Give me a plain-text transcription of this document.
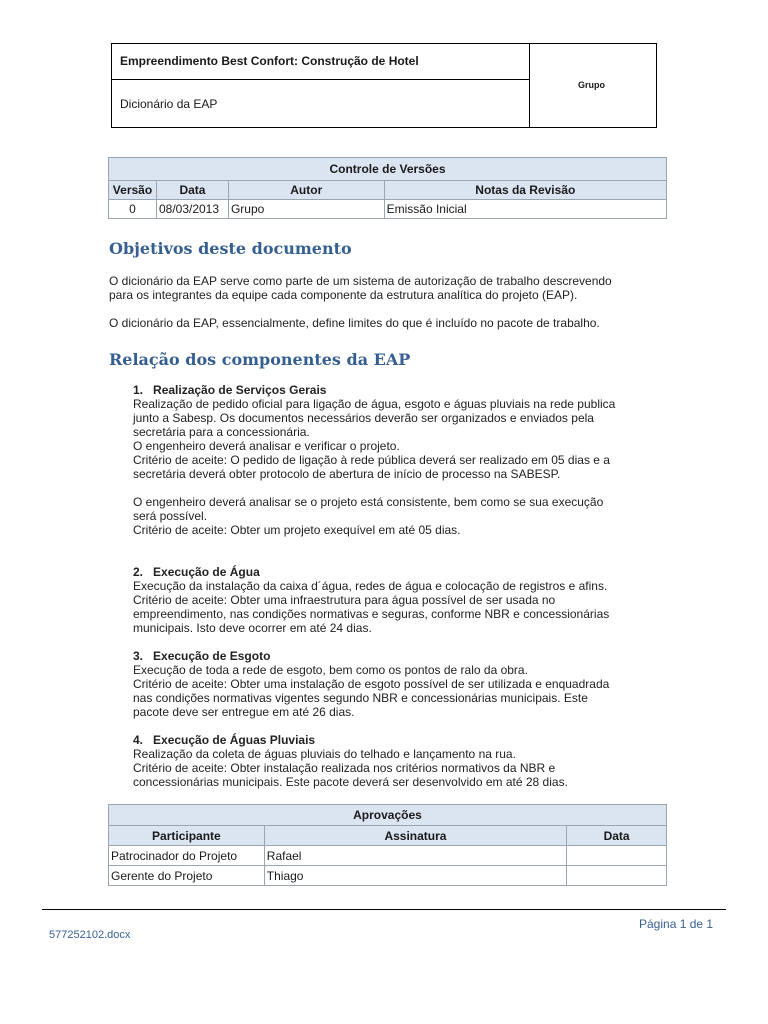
Empreendimento Best Confort: Construção de Hotel
Dicionário da EAP
Grupo
Controle de Versões			
Versão	Data	Autor	Notas da Revisão
0	08/03/2013	Grupo	Emissão Inicial
Objetivos deste documento
O dicionário da EAP serve como parte de um sistema de autorização de trabalho descrevendo
para os integrantes da equipe cada componente da estrutura analítica do projeto (EAP).
O dicionário da EAP, essencialmente, define limites do que é incluído no pacote de trabalho.
Relação dos componentes da EAP
1. Realização de Serviços Gerais
Realização de pedido oficial para ligação de água, esgoto e águas pluviais na rede publica
junto a Sabesp. Os documentos necessários deverão ser organizados e enviados pela
secretária para a concessionária.
O engenheiro deverá analisar e verificar o projeto.
Critério de aceite: O pedido de ligação à rede pública deverá ser realizado em 05 dias e a
secretária deverá obter protocolo de abertura de início de processo na SABESP.
O engenheiro deverá analisar se o projeto está consistente, bem como se sua execução
será possível.
Critério de aceite: Obter um projeto exequível em até 05 dias.
2. Execução de Água
Execução da instalação da caixa d´água, redes de água e colocação de registros e afins.
Critério de aceite: Obter uma infraestrutura para água possível de ser usada no
empreendimento, nas condições normativas e seguras, conforme NBR e concessionárias
municipais. Isto deve ocorrer em até 24 dias.
3. Execução de Esgoto
Execução de toda a rede de esgoto, bem como os pontos de ralo da obra.
Critério de aceite: Obter uma instalação de esgoto possível de ser utilizada e enquadrada
nas condições normativas vigentes segundo NBR e concessionárias municipais. Este
pacote deve ser entregue em até 26 dias.
4. Execução de Águas Pluviais
Realização da coleta de águas pluviais do telhado e lançamento na rua.
Critério de aceite: Obter instalação realizada nos critérios normativos da NBR e
concessionárias municipais. Este pacote deverá ser desenvolvido em até 28 dias.
Aprovações		
Participante	Assinatura	Data
Patrocinador do Projeto	Rafael	
Gerente do Projeto	Thiago	
Página 1 de 1
577252102.docx
